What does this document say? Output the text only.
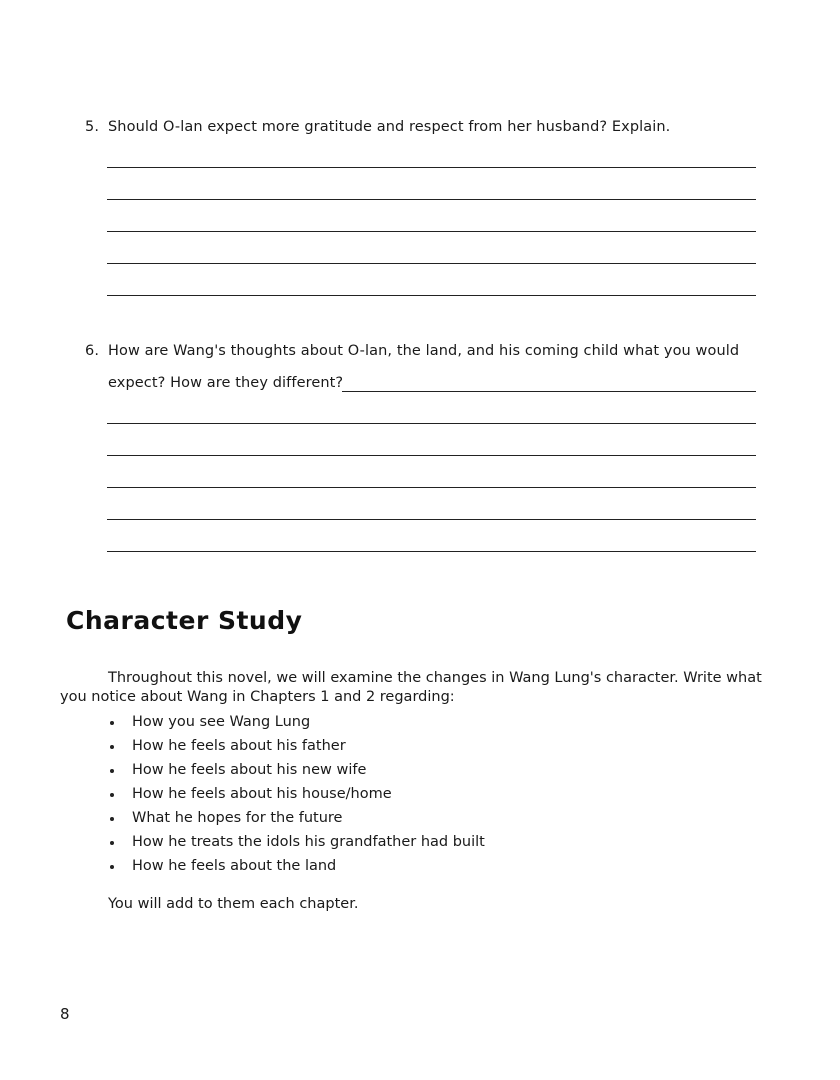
5. Should O-lan expect more gratitude and respect from her husband? Explain.
6. How are Wang's thoughts about O-lan, the land, and his coming child what you would
expect? How are they different?
Character Study
Throughout this novel, we will examine the changes in Wang Lung's character. Write what
you notice about Wang in Chapters 1 and 2 regarding:
How you see Wang Lung
How he feels about his father
How he feels about his new wife
How he feels about his house/home
What he hopes for the future
How he treats the idols his grandfather had built
How he feels about the land
You will add to them each chapter.
8
